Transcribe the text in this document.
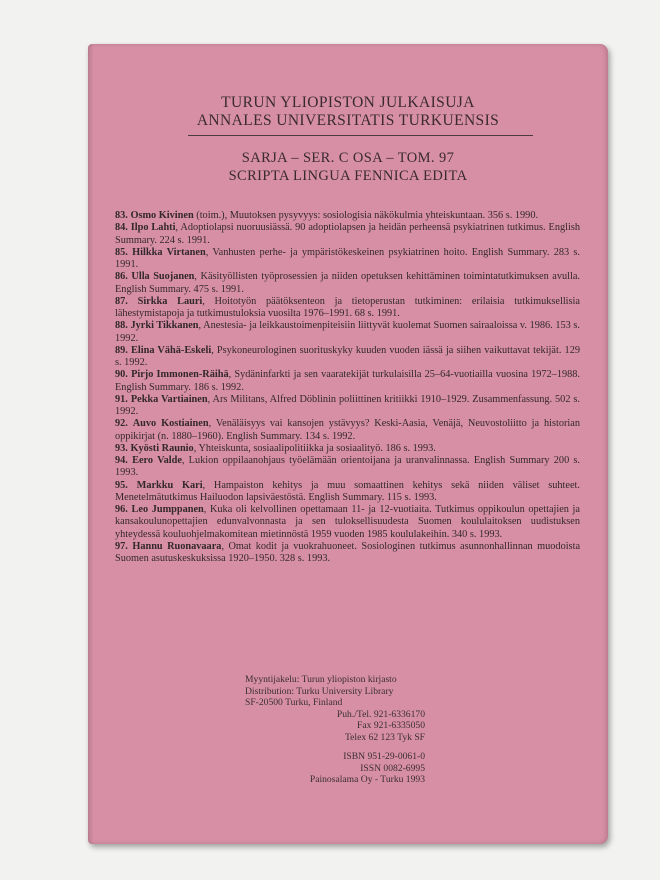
TURUN YLIOPISTON JULKAISUJA
ANNALES UNIVERSITATIS TURKUENSIS
SARJA – SER. C OSA – TOM. 97
SCRIPTA LINGUA FENNICA EDITA
83. Osmo Kivinen (toim.), Muutoksen pysyvyys: sosiologisia näkökulmia yhteiskuntaan. 356 s. 1990.
84. Ilpo Lahti, Adoptiolapsi nuoruusiässä. 90 adoptiolapsen ja heidän perheensä psykiatrinen tutkimus. English Summary. 224 s. 1991.
85. Hilkka Virtanen, Vanhusten perhe- ja ympäristökeskeinen psykiatrinen hoito. English Summary. 283 s. 1991.
86. Ulla Suojanen, Käsityöllisten työprosessien ja niiden opetuksen kehittäminen toimintatutkimuksen avulla. English Summary. 475 s. 1991.
87. Sirkka Lauri, Hoitotyön päätöksenteon ja tietoperustan tutkiminen: erilaisia tutkimuksellisia lähestymistapoja ja tutkimustuloksia vuosilta 1976–1991. 68 s. 1991.
88. Jyrki Tikkanen, Anestesia- ja leikkaustoimenpiteisiin liittyvät kuolemat Suomen sairaaloissa v. 1986. 153 s. 1992.
89. Elina Vähä-Eskeli, Psykoneurologinen suorituskyky kuuden vuoden iässä ja siihen vaikuttavat tekijät. 129 s. 1992.
90. Pirjo Immonen-Räihä, Sydäninfarkti ja sen vaaratekijät turkulaisilla 25–64-vuotiailla vuosina 1972–1988. English Summary. 186 s. 1992.
91. Pekka Vartiainen, Ars Militans, Alfred Döblinin poliittinen kritiikki 1910–1929. Zusammenfassung. 502 s. 1992.
92. Auvo Kostiainen, Venäläisyys vai kansojen ystävyys? Keski-Aasia, Venäjä, Neuvostoliitto ja historian oppikirjat (n. 1880–1960). English Summary. 134 s. 1992.
93. Kyösti Raunio, Yhteiskunta, sosiaalipolitiikka ja sosiaalityö. 186 s. 1993.
94. Eero Valde, Lukion oppilaanohjaus työelämään orientoijana ja uranvalinnassa. English Summary 200 s. 1993.
95. Markku Kari, Hampaiston kehitys ja muu somaattinen kehitys sekä niiden väliset suhteet. Menetelmätutkimus Hailuodon lapsiväestöstä. English Summary. 115 s. 1993.
96. Leo Jumppanen, Kuka oli kelvollinen opettamaan 11- ja 12-vuotiaita. Tutkimus oppikoulun opettajien ja kansakoulunopettajien edunvalvonnasta ja sen tuloksellisuudesta Suomen koululaitoksen uudistuksen yhteydessä kouluohjelmakomitean mietinnöstä 1959 vuoden 1985 koululakeihin. 340 s. 1993.
97. Hannu Ruonavaara, Omat kodit ja vuokrahuoneet. Sosiologinen tutkimus asunnonhallinnan muodoista Suomen asutuskeskuksissa 1920–1950. 328 s. 1993.
Myyntijakelu: Turun yliopiston kirjasto
Distribution: Turku University Library
SF-20500 Turku, Finland
Puh./Tel. 921-6336170
Fax 921-6335050
Telex 62 123 Tyk SF
ISBN 951-29-0061-0
ISSN 0082-6995
Painosalama Oy - Turku 1993
